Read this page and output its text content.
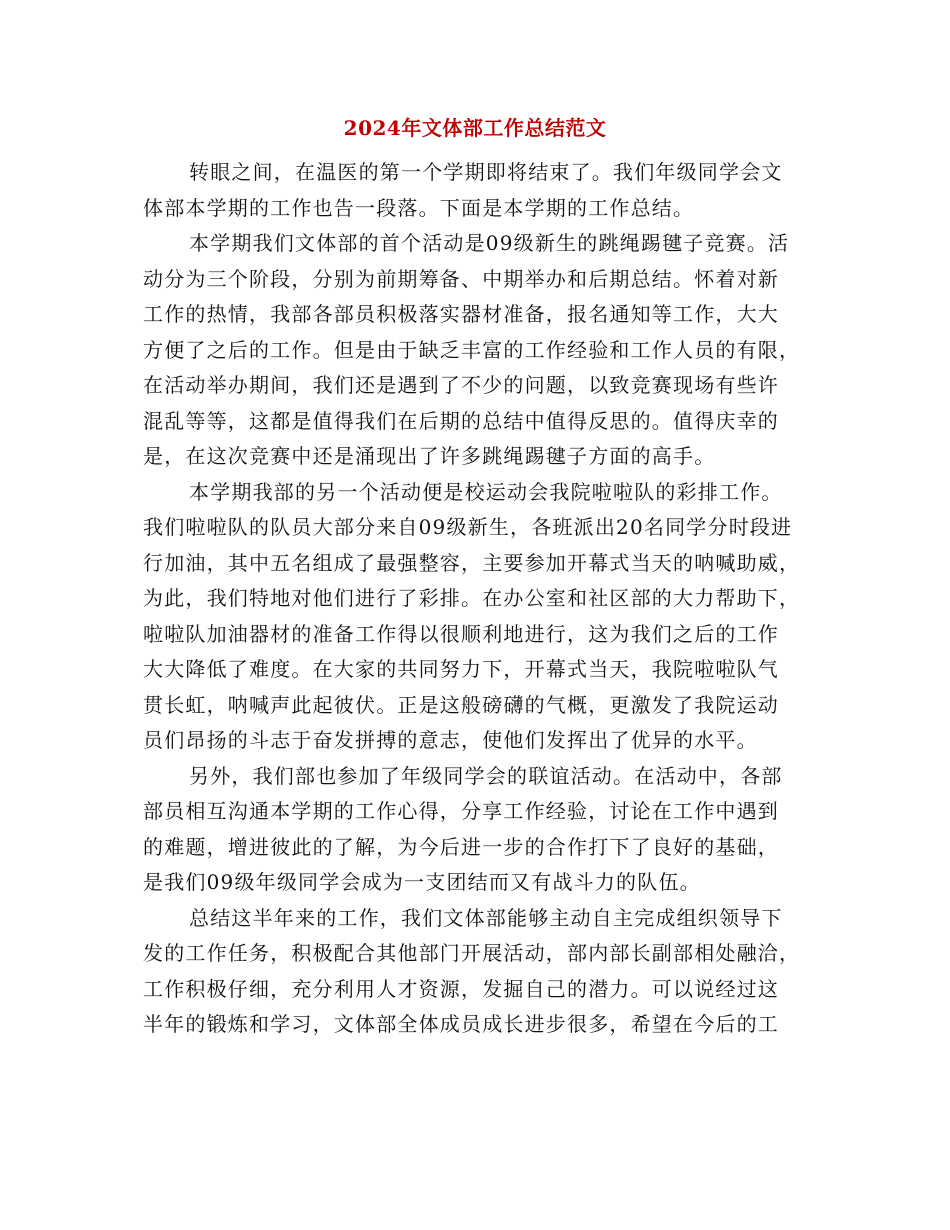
2024年文体部工作总结范文
转眼之间，在温医的第一个学期即将结束了。我们年级同学会文
体部本学期的工作也告一段落。下面是本学期的工作总结。
本学期我们文体部的首个活动是09级新生的跳绳踢毽子竞赛。活
动分为三个阶段，分别为前期筹备、中期举办和后期总结。怀着对新
工作的热情，我部各部员积极落实器材准备，报名通知等工作，大大
方便了之后的工作。但是由于缺乏丰富的工作经验和工作人员的有限，
在活动举办期间，我们还是遇到了不少的问题，以致竞赛现场有些许
混乱等等，这都是值得我们在后期的总结中值得反思的。值得庆幸的
是，在这次竞赛中还是涌现出了许多跳绳踢毽子方面的高手。
本学期我部的另一个活动便是校运动会我院啦啦队的彩排工作。
我们啦啦队的队员大部分来自09级新生，各班派出20名同学分时段进
行加油，其中五名组成了最强整容，主要参加开幕式当天的呐喊助威，
为此，我们特地对他们进行了彩排。在办公室和社区部的大力帮助下，
啦啦队加油器材的准备工作得以很顺利地进行，这为我们之后的工作
大大降低了难度。在大家的共同努力下，开幕式当天，我院啦啦队气
贯长虹，呐喊声此起彼伏。正是这般磅礴的气概，更激发了我院运动
员们昂扬的斗志于奋发拼搏的意志，使他们发挥出了优异的水平。
另外，我们部也参加了年级同学会的联谊活动。在活动中，各部
部员相互沟通本学期的工作心得，分享工作经验，讨论在工作中遇到
的难题，增进彼此的了解，为今后进一步的合作打下了良好的基础，
是我们09级年级同学会成为一支团结而又有战斗力的队伍。
总结这半年来的工作，我们文体部能够主动自主完成组织领导下
发的工作任务，积极配合其他部门开展活动，部内部长副部相处融洽，
工作积极仔细，充分利用人才资源，发掘自己的潜力。可以说经过这
半年的锻炼和学习，文体部全体成员成长进步很多，希望在今后的工
